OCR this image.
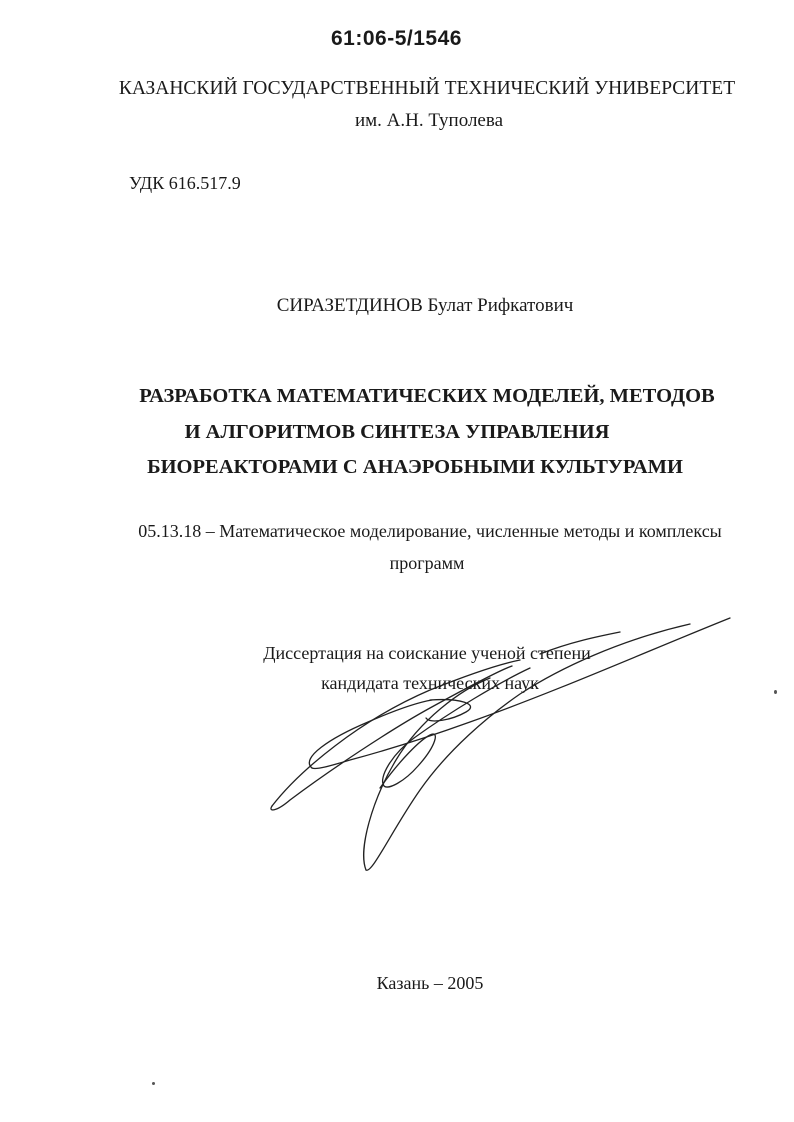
61:06-5/1546
КАЗАНСКИЙ ГОСУДАРСТВЕННЫЙ ТЕХНИЧЕСКИЙ УНИВЕРСИТЕТ
им. А.Н. Туполева
УДК 616.517.9
СИРАЗЕТДИНОВ Булат Рифкатович
РАЗРАБОТКА МАТЕМАТИЧЕСКИХ МОДЕЛЕЙ, МЕТОДОВ
И АЛГОРИТМОВ СИНТЕЗА УПРАВЛЕНИЯ
БИОРЕАКТОРАМИ С АНАЭРОБНЫМИ КУЛЬТУРАМИ
05.13.18 – Математическое моделирование, численные методы и комплексы
программ
Диссертация на соискание ученой степени
кандидата технических наук
Казань – 2005
